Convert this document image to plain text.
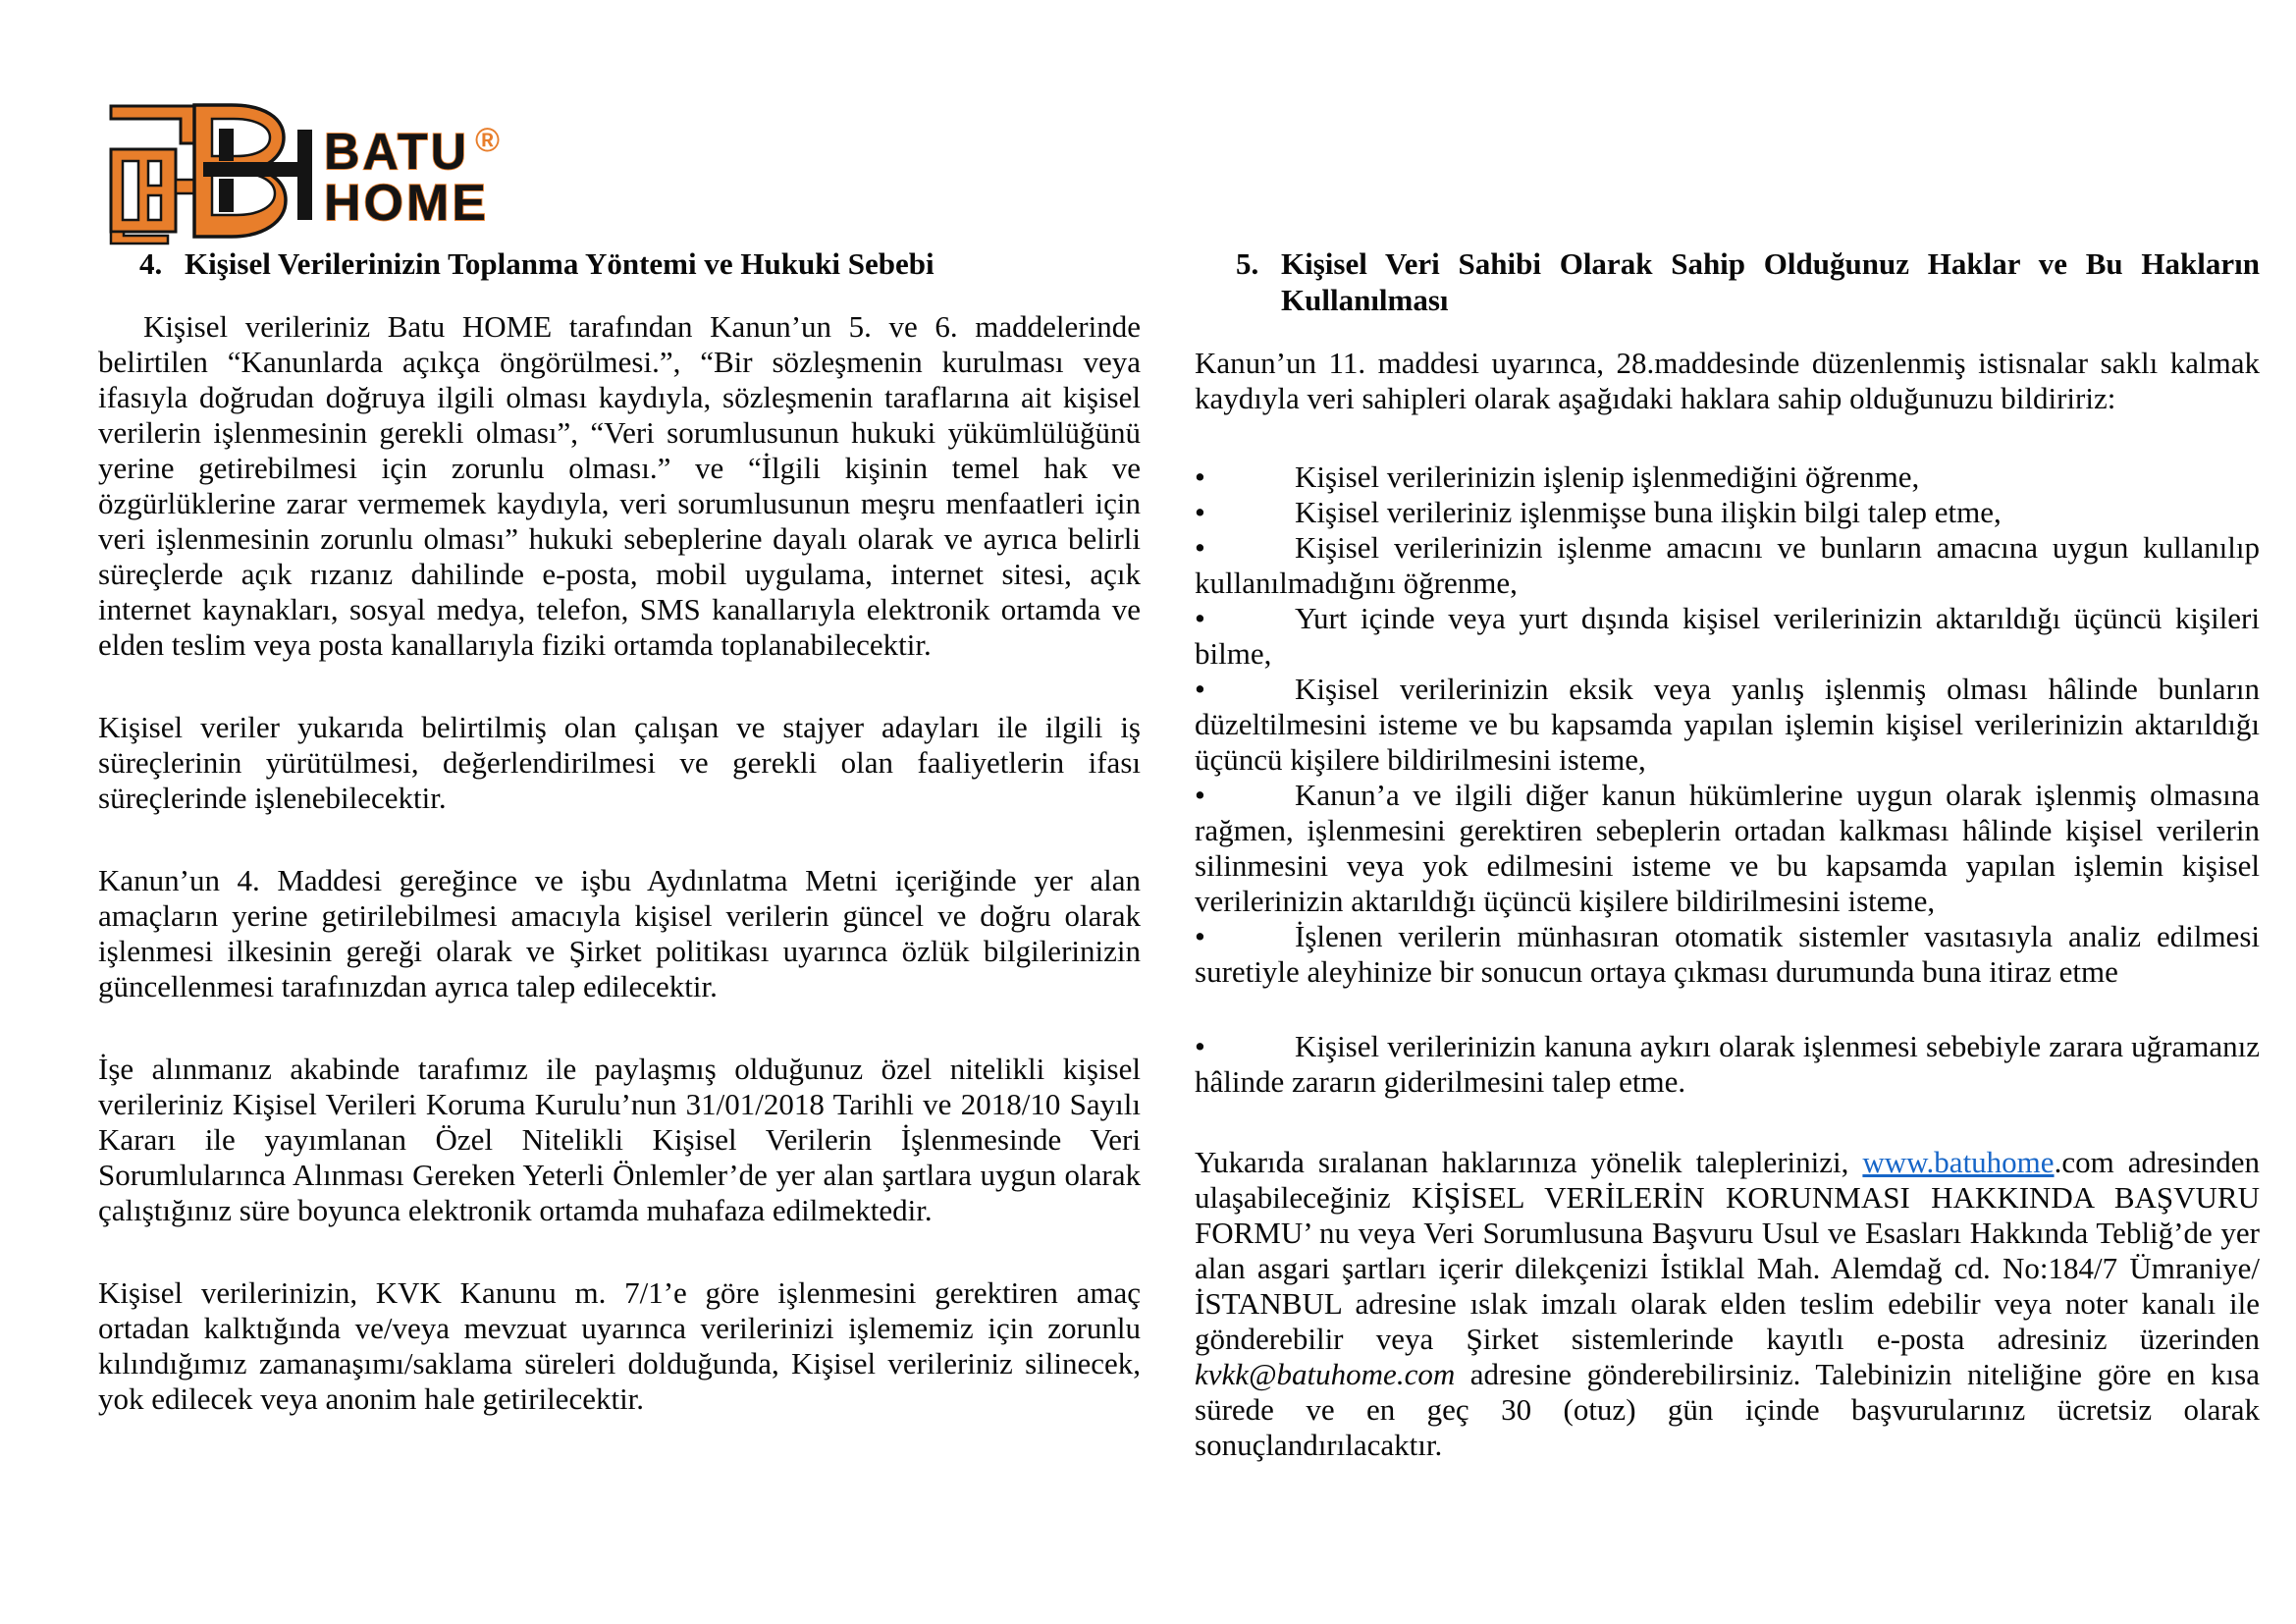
BATU
HOME
®
4. Kişisel Verilerinizin Toplanma Yöntemi ve Hukuki Sebebi

Kişisel verileriniz Batu HOME tarafından Kanun’un 5. ve 6. maddelerinde belirtilen “Kanunlarda açıkça öngörülmesi.”, “Bir sözleşmenin kurulması veya ifasıyla doğrudan doğruya ilgili olması kaydıyla, sözleşmenin taraflarına ait kişisel verilerin işlenmesinin gerekli olması”, “Veri sorumlusunun hukuki yükümlülüğünü yerine getirebilmesi için zorunlu olması.” ve “İlgili kişinin temel hak ve özgürlüklerine zarar vermemek kaydıyla, veri sorumlusunun meşru menfaatleri için veri işlenmesinin zorunlu olması” hukuki sebeplerine dayalı olarak ve ayrıca belirli süreçlerde açık rızanız dahilinde e-posta, mobil uygulama, internet sitesi, açık internet kaynakları, sosyal medya, telefon, SMS kanallarıyla elektronik ortamda ve elden teslim veya posta kanallarıyla fiziki ortamda toplanabilecektir.

Kişisel veriler yukarıda belirtilmiş olan çalışan ve stajyer adayları ile ilgili iş süreçlerinin yürütülmesi, değerlendirilmesi ve gerekli olan faaliyetlerin ifası süreçlerinde işlenebilecektir.

Kanun’un 4. Maddesi gereğince ve işbu Aydınlatma Metni içeriğinde yer alan amaçların yerine getirilebilmesi amacıyla kişisel verilerin güncel ve doğru olarak işlenmesi ilkesinin gereği olarak ve Şirket politikası uyarınca özlük bilgilerinizin güncellenmesi tarafınızdan ayrıca talep edilecektir.

İşe alınmanız akabinde tarafımız ile paylaşmış olduğunuz özel nitelikli kişisel verileriniz Kişisel Verileri Koruma Kurulu’nun 31/01/2018 Tarihli ve 2018/10 Sayılı Kararı ile yayımlanan Özel Nitelikli Kişisel Verilerin İşlenmesinde Veri Sorumlularınca Alınması Gereken Yeterli Önlemler’de yer alan şartlara uygun olarak çalıştığınız süre boyunca elektronik ortamda muhafaza edilmektedir.

Kişisel verilerinizin, KVK Kanunu m. 7/1’e göre işlenmesini gerektiren amaç ortadan kalktığında ve/veya mevzuat uyarınca verilerinizi işlememiz için zorunlu kılındığımız zamanaşımı/saklama süreleri dolduğunda, Kişisel verileriniz silinecek, yok edilecek veya anonim hale getirilecektir.

5. Kişisel Veri Sahibi Olarak Sahip Olduğunuz Haklar ve Bu Hakların Kullanılması

Kanun’un 11. maddesi uyarınca, 28.maddesinde düzenlenmiş istisnalar saklı kalmak kaydıyla veri sahipleri olarak aşağıdaki haklara sahip olduğunuzu bildiririz:

•	Kişisel verilerinizin işlenip işlenmediğini öğrenme,

•	Kişisel verileriniz işlenmişse buna ilişkin bilgi talep etme,

•	Kişisel verilerinizin işlenme amacını ve bunların amacına uygun kullanılıp kullanılmadığını öğrenme,

•	Yurt içinde veya yurt dışında kişisel verilerinizin aktarıldığı üçüncü kişileri bilme,

•	Kişisel verilerinizin eksik veya yanlış işlenmiş olması hâlinde bunların düzeltilmesini isteme ve bu kapsamda yapılan işlemin kişisel verilerinizin aktarıldığı üçüncü kişilere bildirilmesini isteme,

•	Kanun’a ve ilgili diğer kanun hükümlerine uygun olarak işlenmiş olmasına rağmen, işlenmesini gerektiren sebeplerin ortadan kalkması hâlinde kişisel verilerin silinmesini veya yok edilmesini isteme ve bu kapsamda yapılan işlemin kişisel verilerinizin aktarıldığı üçüncü kişilere bildirilmesini isteme,

•	İşlenen verilerin münhasıran otomatik sistemler vasıtasıyla analiz edilmesi suretiyle aleyhinize bir sonucun ortaya çıkması durumunda buna itiraz etme

•	Kişisel verilerinizin kanuna aykırı olarak işlenmesi sebebiyle zarara uğramanız hâlinde zararın giderilmesini talep etme.

Yukarıda sıralanan haklarınıza yönelik taleplerinizi, www.batuhome.com adresinden ulaşabileceğiniz KİŞİSEL VERİLERİN KORUNMASI HAKKINDA BAŞVURU FORMU’ nu veya Veri Sorumlusuna Başvuru Usul ve Esasları Hakkında Tebliğ’de yer alan asgari şartları içerir dilekçenizi İstiklal Mah. Alemdağ cd. No:184/7 Ümraniye/İSTANBUL adresine ıslak imzalı olarak elden teslim edebilir veya noter kanalı ile gönderebilir veya Şirket sistemlerinde kayıtlı e-posta adresiniz üzerinden kvkk@batuhome.com adresine gönderebilirsiniz. Talebinizin niteliğine göre en kısa sürede ve en geç 30 (otuz) gün içinde başvurularınız ücretsiz olarak sonuçlandırılacaktır.
